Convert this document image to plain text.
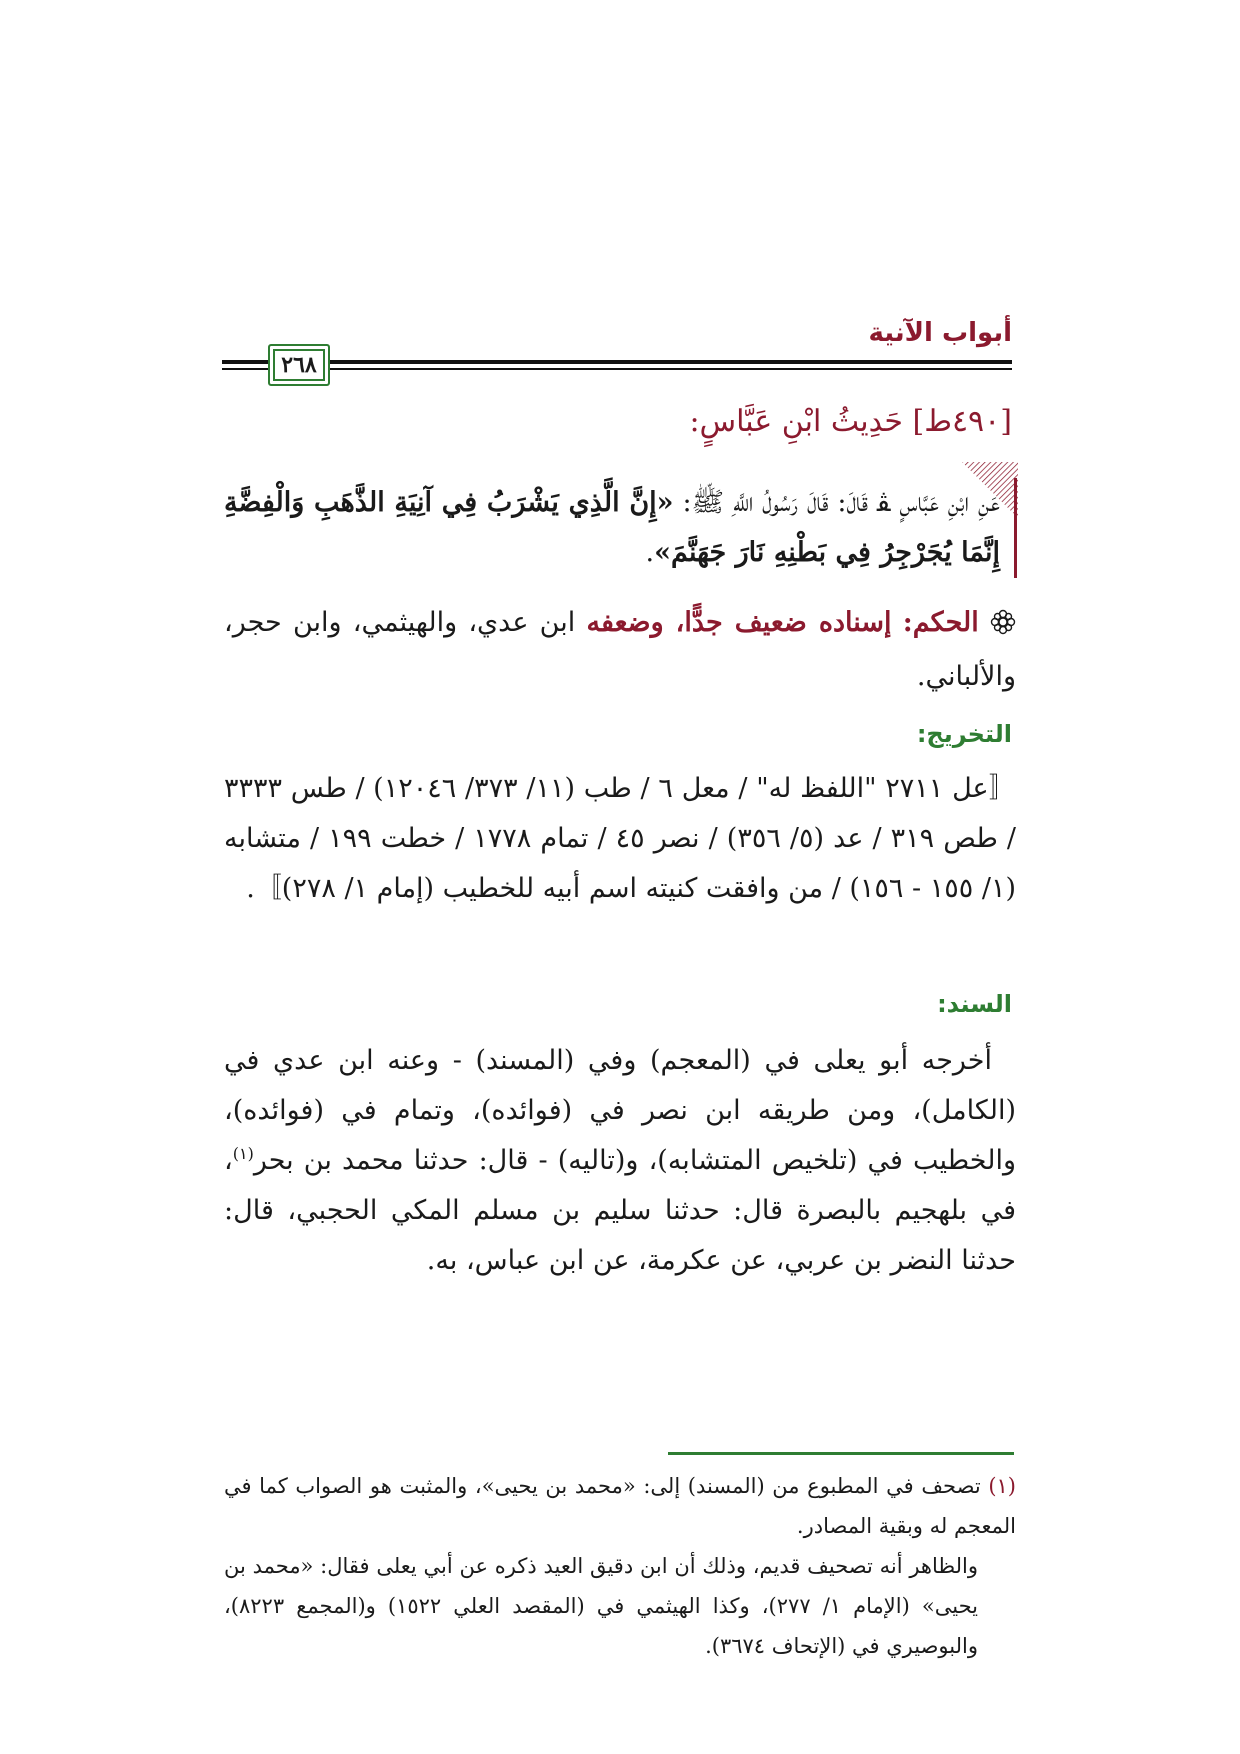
أبواب الآنية
٢٦٨
[٤٩٠ط] حَدِيثُ ابْنِ عَبَّاسٍ:
عَنِ ابْنِ عَبَّاسٍ ﭭ قَالَ: قَالَ رَسُولُ اللَّهِ ﷺ: «إِنَّ الَّذِي يَشْرَبُ فِي آنِيَةِ الذَّهَبِ وَالْفِضَّةِ إِنَّمَا يُجَرْجِرُ فِي بَطْنِهِ نَارَ جَهَنَّمَ».
الحكم: إسناده ضعيف جدًّا، وضعفه ابن عدي، والهيثمي، وابن حجر، والألباني.
التخريج:
〚عل ٢٧١١ "اللفظ له" / معل ٦ / طب (١١/ ٣٧٣/ ١٢٠٤٦) / طس ٣٣٣٣ / طص ٣١٩ / عد (٥/ ٣٥٦) / نصر ٤٥ / تمام ١٧٧٨ / خطت ١٩٩ / متشابه (١/ ١٥٥ - ١٥٦) / من وافقت كنيته اسم أبيه للخطيب (إمام ١/ ٢٧٨)〛.
السند:
أخرجه أبو يعلى في (المعجم) وفي (المسند) - وعنه ابن عدي في (الكامل)، ومن طريقه ابن نصر في (فوائده)، وتمام في (فوائده)، والخطيب في (تلخيص المتشابه)، و(تاليه) - قال: حدثنا محمد بن بحر$^{(١)}$، في بلهجيم بالبصرة قال: حدثنا سليم بن مسلم المكي الحجبي، قال: حدثنا النضر بن عربي، عن عكرمة، عن ابن عباس، به.
(١) تصحف في المطبوع من (المسند) إلى: «محمد بن يحيى»، والمثبت هو الصواب كما في المعجم له وبقية المصادر.
والظاهر أنه تصحيف قديم، وذلك أن ابن دقيق العيد ذكره عن أبي يعلى فقال: «محمد بن يحيى» (الإمام ١/ ٢٧٧)، وكذا الهيثمي في (المقصد العلي ١٥٢٢) و(المجمع ٨٢٢٣)، والبوصيري في (الإتحاف ٣٦٧٤).
